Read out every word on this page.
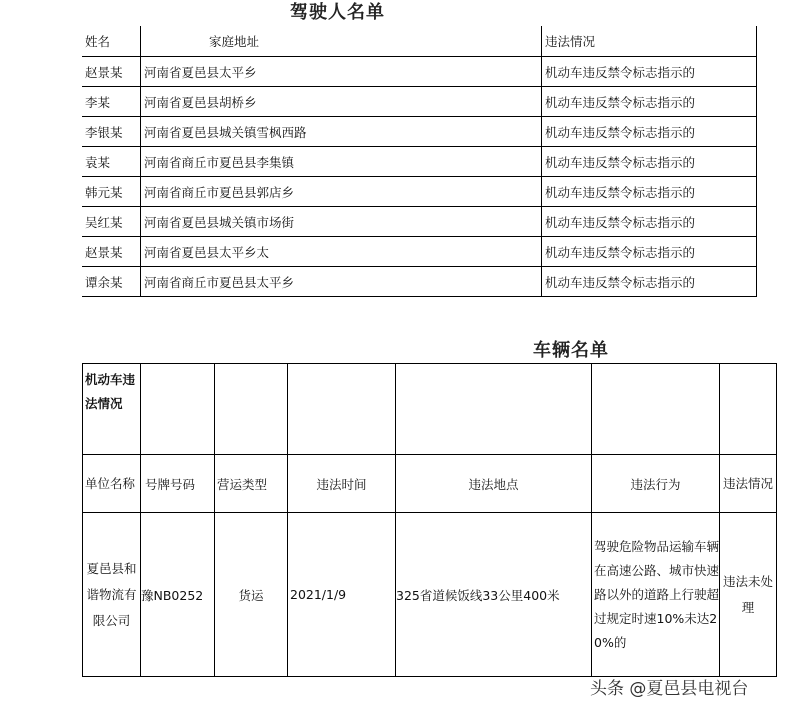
驾驶人名单
姓名	家庭地址	违法情况
赵景某	河南省夏邑县太平乡	机动车违反禁令标志指示的
李某	河南省夏邑县胡桥乡	机动车违反禁令标志指示的
李银某	河南省夏邑县城关镇雪枫西路	机动车违反禁令标志指示的
袁某	河南省商丘市夏邑县李集镇	机动车违反禁令标志指示的
韩元某	河南省商丘市夏邑县郭店乡	机动车违反禁令标志指示的
吴红某	河南省夏邑县城关镇市场街	机动车违反禁令标志指示的
赵景某	河南省夏邑县太平乡太	机动车违反禁令标志指示的
谭余某	河南省商丘市夏邑县太平乡	机动车违反禁令标志指示的
车辆名单
机动车违法情况						
单位名称	号牌号码	营运类型	违法时间	违法地点	违法行为	违法情况
夏邑县和谐物流有限公司	豫NB0252	货运	2021/1/9	325省道候饭线33公里400米	驾驶危险物品运输车辆在高速公路、城市快速路以外的道路上行驶超过规定时速10%未达20%的	违法未处理
头条 @夏邑县电视台
